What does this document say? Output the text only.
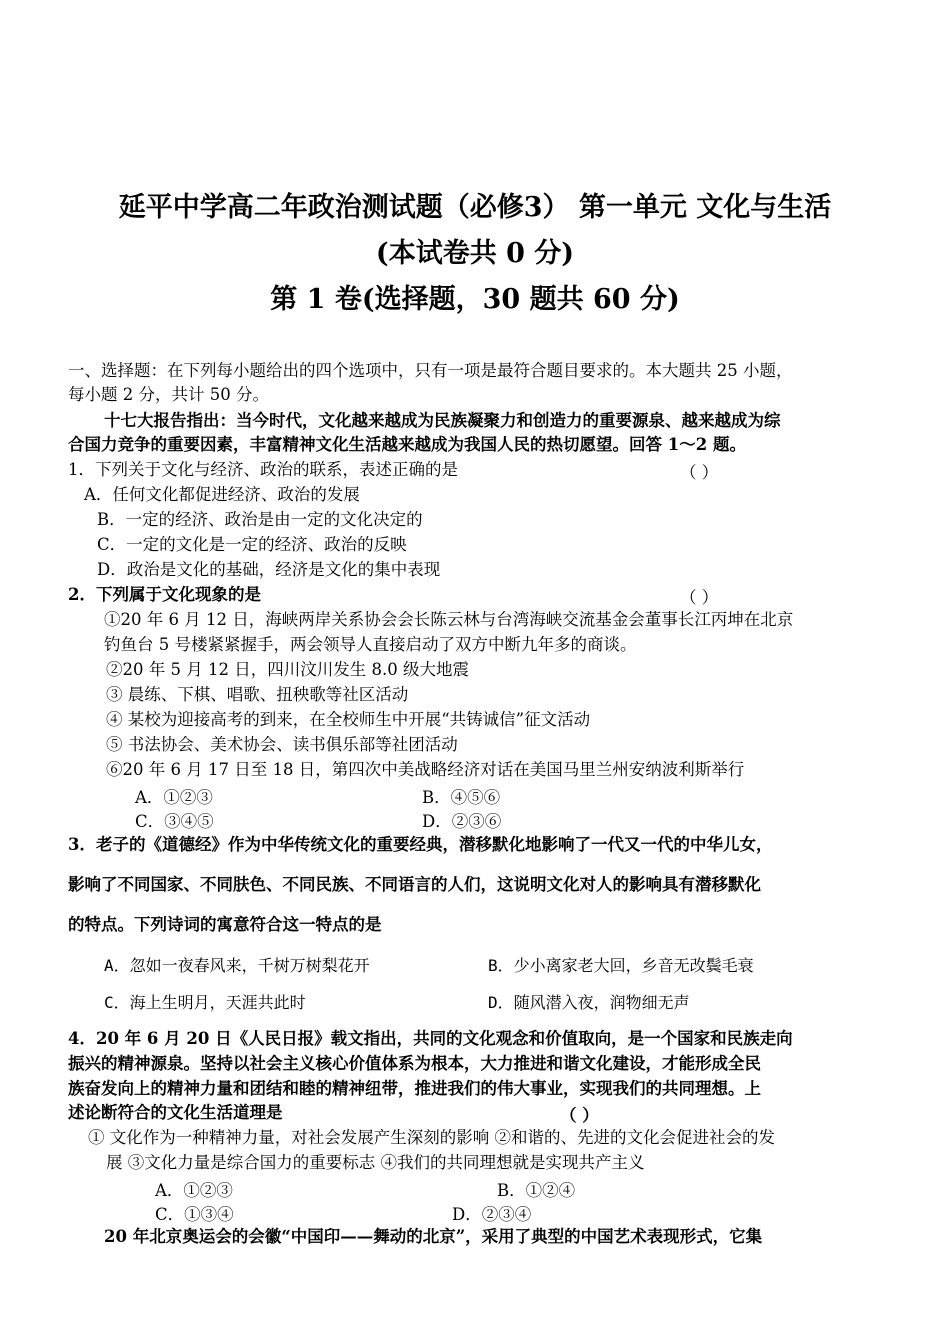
延平中学高二年政治测试题（必修3） 第一单元 文化与生活
(本试卷共 0 分)
第 1 卷(选择题，30 题共 60 分)
一、选择题：在下列每小题给出的四个选项中，只有一项是最符合题目要求的。本大题共 25 小题，
每小题 2 分，共计 50 分。
十七大报告指出：当今时代，文化越来越成为民族凝聚力和创造力的重要源泉、越来越成为综
合国力竞争的重要因素，丰富精神文化生活越来越成为我国人民的热切愿望。回答 1～2 题。
1．下列关于文化与经济、政治的联系，表述正确的是	（ ）
A．任何文化都促进经济、政治的发展
B．一定的经济、政治是由一定的文化决定的
C．一定的文化是一定的经济、政治的反映
D．政治是文化的基础，经济是文化的集中表现
2．下列属于文化现象的是	（ ）
①20 年 6 月 12 日，海峡两岸关系协会会长陈云林与台湾海峡交流基金会董事长江丙坤在北京
钓鱼台 5 号楼紧紧握手，两会领导人直接启动了双方中断九年多的商谈。
②20 年 5 月 12 日，四川汶川发生 8.0 级大地震
③ 晨练、下棋、唱歌、扭秧歌等社区活动
④ 某校为迎接高考的到来，在全校师生中开展“共铸诚信”征文活动
⑤ 书法协会、美术协会、读书俱乐部等社团活动
⑥20 年 6 月 17 日至 18 日，第四次中美战略经济对话在美国马里兰州安纳波利斯举行
A．①②③	B．④⑤⑥
C．③④⑤	D．②③⑥
3．老子的《道德经》作为中华传统文化的重要经典，潜移默化地影响了一代又一代的中华儿女，
影响了不同国家、不同肤色、不同民族、不同语言的人们，这说明文化对人的影响具有潜移默化
的特点。下列诗词的寓意符合这一特点的是
A．忽如一夜春风来，千树万树梨花开	B．少小离家老大回，乡音无改鬓毛衰
C．海上生明月，天涯共此时	D．随风潜入夜，润物细无声
4．20 年 6 月 20 日《人民日报》载文指出，共同的文化观念和价值取向，是一个国家和民族走向
振兴的精神源泉。坚持以社会主义核心价值体系为根本，大力推进和谐文化建设，才能形成全民
族奋发向上的精神力量和团结和睦的精神纽带，推进我们的伟大事业，实现我们的共同理想。上
述论断符合的文化生活道理是	（ ）
① 文化作为一种精神力量，对社会发展产生深刻的影响 ②和谐的、先进的文化会促进社会的发
展 ③文化力量是综合国力的重要标志 ④我们的共同理想就是实现共产主义
A．①②③	B．①②④
C．①③④	D．②③④
20 年北京奥运会的会徽“中国印——舞动的北京”，采用了典型的中国艺术表现形式，它集
